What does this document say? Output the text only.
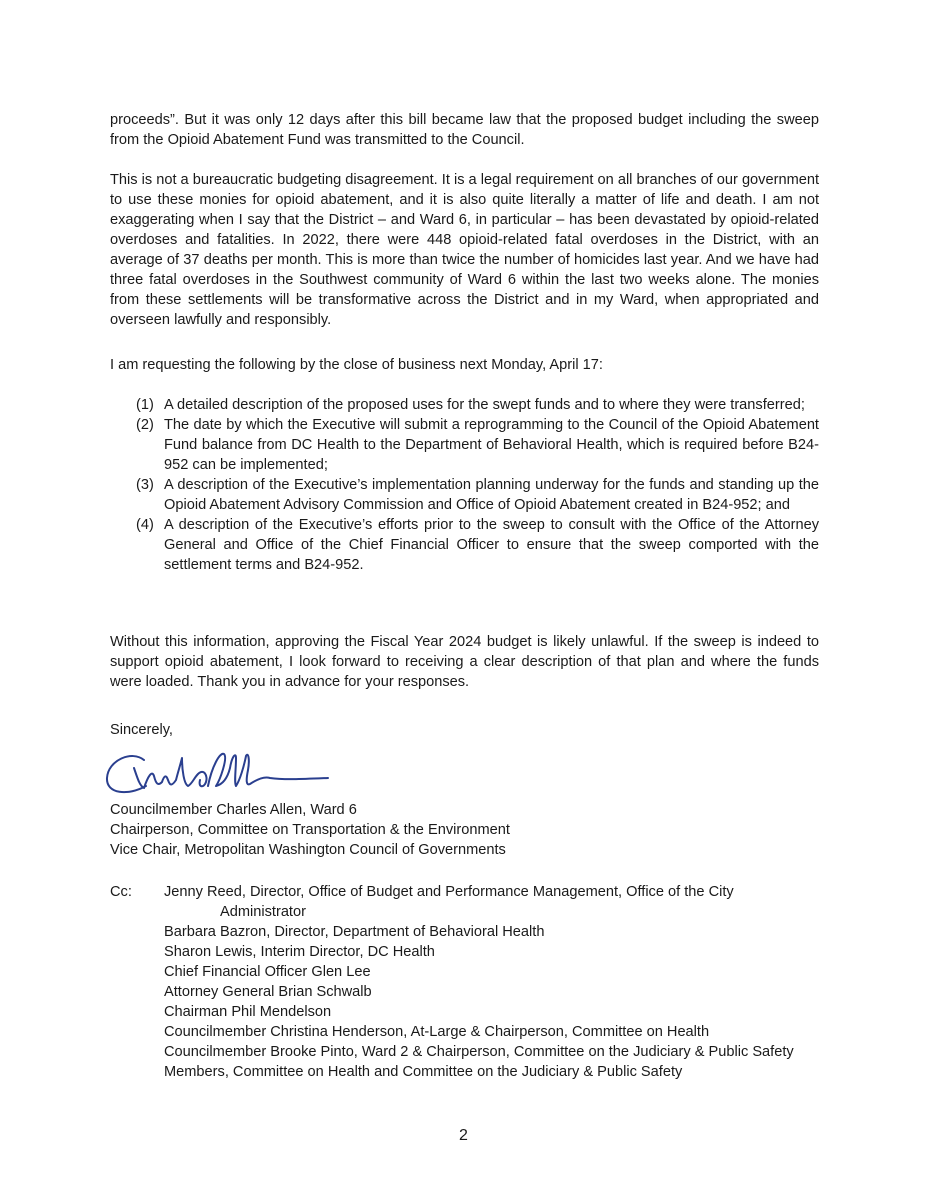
proceeds”. But it was only 12 days after this bill became law that the proposed budget including the sweep from the Opioid Abatement Fund was transmitted to the Council.

This is not a bureaucratic budgeting disagreement. It is a legal requirement on all branches of our government to use these monies for opioid abatement, and it is also quite literally a matter of life and death. I am not exaggerating when I say that the District – and Ward 6, in particular – has been devastated by opioid-related overdoses and fatalities. In 2022, there were 448 opioid-related fatal overdoses in the District, with an average of 37 deaths per month. This is more than twice the number of homicides last year. And we have had three fatal overdoses in the Southwest community of Ward 6 within the last two weeks alone. The monies from these settlements will be transformative across the District and in my Ward, when appropriated and overseen lawfully and responsibly.

I am requesting the following by the close of business next Monday, April 17:

(1) A detailed description of the proposed uses for the swept funds and to where they were transferred;
(2) The date by which the Executive will submit a reprogramming to the Council of the Opioid Abatement Fund balance from DC Health to the Department of Behavioral Health, which is required before B24-952 can be implemented;
(3) A description of the Executive’s implementation planning underway for the funds and standing up the Opioid Abatement Advisory Commission and Office of Opioid Abatement created in B24-952; and
(4) A description of the Executive’s efforts prior to the sweep to consult with the Office of the Attorney General and Office of the Chief Financial Officer to ensure that the sweep comported with the settlement terms and B24-952.

Without this information, approving the Fiscal Year 2024 budget is likely unlawful. If the sweep is indeed to support opioid abatement, I look forward to receiving a clear description of that plan and where the funds were loaded. Thank you in advance for your responses.

Sincerely,

Councilmember Charles Allen, Ward 6
Chairperson, Committee on Transportation & the Environment
Vice Chair, Metropolitan Washington Council of Governments
Cc: Jenny Reed, Director, Office of Budget and Performance Management, Office of the City
Administrator
Barbara Bazron, Director, Department of Behavioral Health
Sharon Lewis, Interim Director, DC Health
Chief Financial Officer Glen Lee
Attorney General Brian Schwalb
Chairman Phil Mendelson
Councilmember Christina Henderson, At-Large & Chairperson, Committee on Health
Councilmember Brooke Pinto, Ward 2 & Chairperson, Committee on the Judiciary & Public Safety
Members, Committee on Health and Committee on the Judiciary & Public Safety
2
